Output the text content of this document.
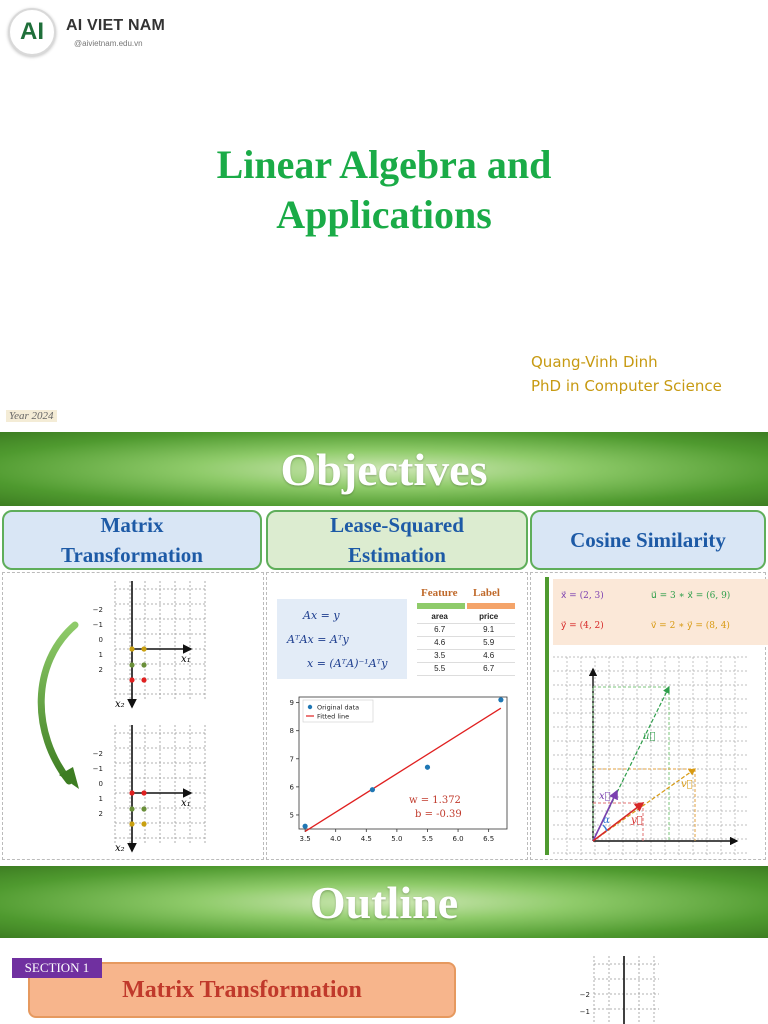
AI AI VIET NAM
@aivietnam.edu.vn
Linear Algebra and
Applications
Quang-Vinh Dinh
PhD in Computer Science
Year 2024
Objectives
Matrix
Transformation
Lease-Squared
Estimation
Cosine Similarity
−2
−1
0
1
2
x₁
x₂
−2
−1
0
1
2
x₁
x₂
Ax = y
AᵀAx = Aᵀy
x = (AᵀA)⁻¹Aᵀy
Feature Label
area	price
6.7	9.1
4.6	5.9
3.5	4.6
5.5	6.7
3.5	4.0	4.5	5.0	5.5	6.0	6.5
5
6
7
8
9
Original data
Fitted line
w = 1.372
b = -0.39
x⃗ = (2, 3)	u⃗ = 3 ∗ x⃗ = (6, 9)
y⃗ = (4, 2)	v⃗ = 2 ∗ y⃗ = (8, 4)
u⃗
v⃗
x⃗
y⃗
α
Outline
SECTION 1
Matrix Transformation	−2
−1
